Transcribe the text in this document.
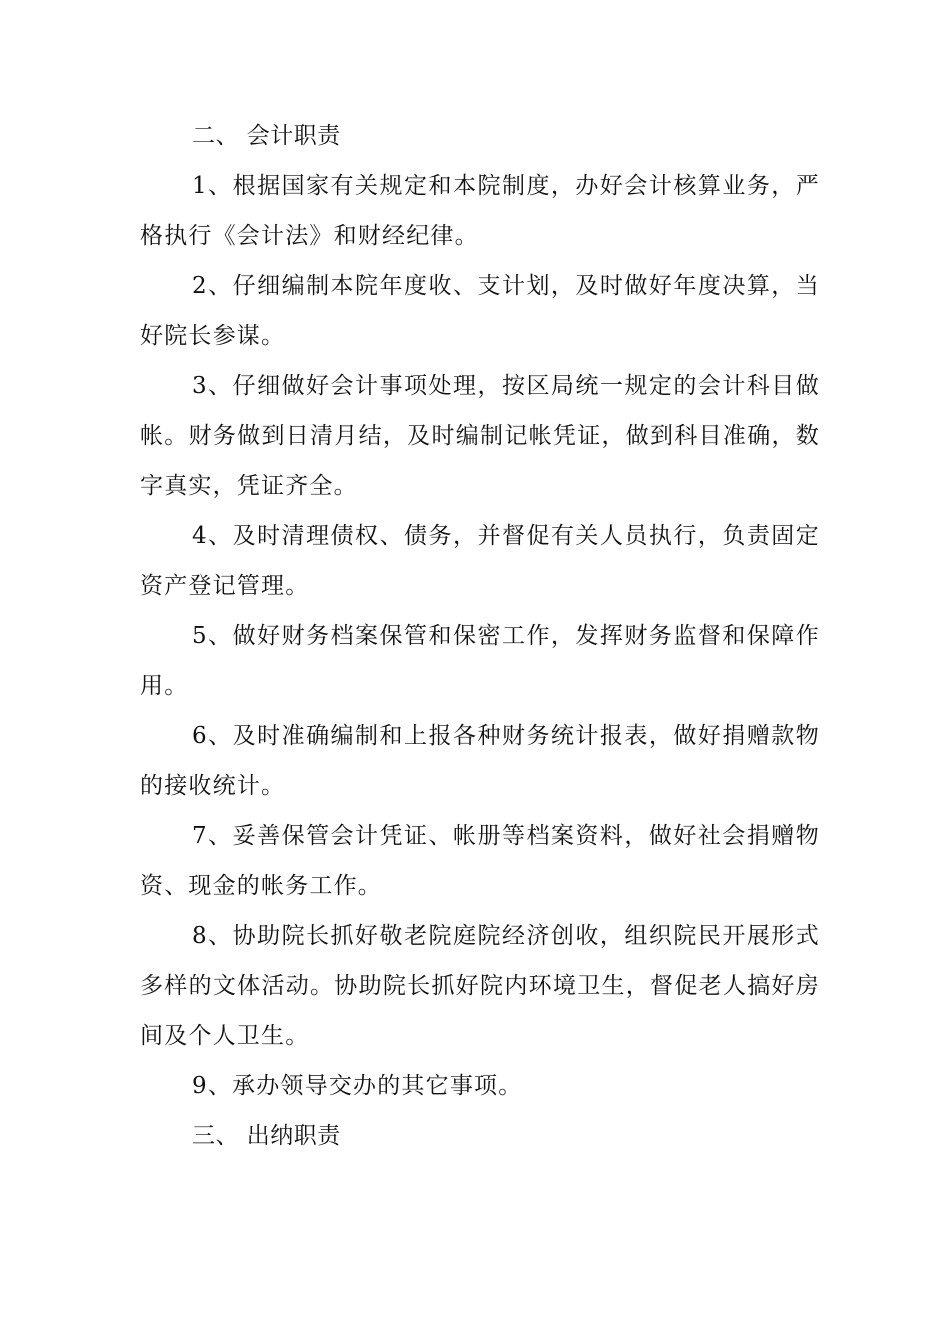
二、 会计职责

1、根据国家有关规定和本院制度，办好会计核算业务，严格执行《会计法》和财经纪律。

2、仔细编制本院年度收、支计划，及时做好年度决算，当好院长参谋。

3、仔细做好会计事项处理，按区局统一规定的会计科目做帐。财务做到日清月结，及时编制记帐凭证，做到科目准确，数字真实，凭证齐全。

4、及时清理债权、债务，并督促有关人员执行，负责固定资产登记管理。

5、做好财务档案保管和保密工作，发挥财务监督和保障作用。

6、及时准确编制和上报各种财务统计报表，做好捐赠款物的接收统计。

7、妥善保管会计凭证、帐册等档案资料，做好社会捐赠物资、现金的帐务工作。

8、协助院长抓好敬老院庭院经济创收，组织院民开展形式多样的文体活动。协助院长抓好院内环境卫生，督促老人搞好房间及个人卫生。

9、承办领导交办的其它事项。

三、 出纳职责
